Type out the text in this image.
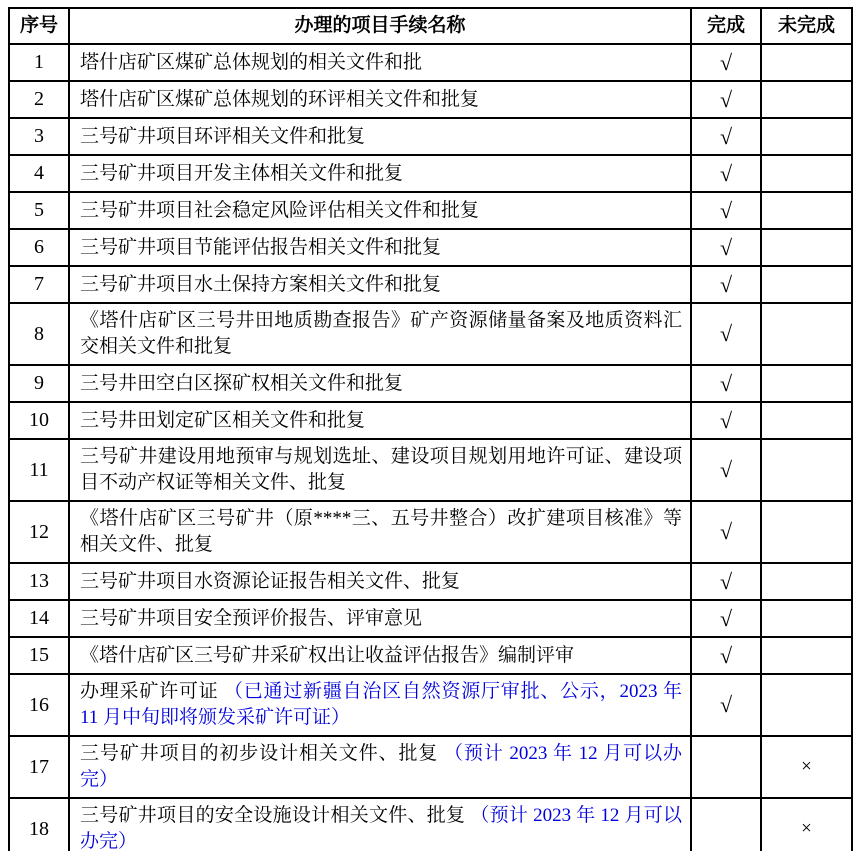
序号	办理的项目手续名称	完成	未完成
1	塔什店矿区煤矿总体规划的相关文件和批	√	
2	塔什店矿区煤矿总体规划的环评相关文件和批复	√	
3	三号矿井项目环评相关文件和批复	√	
4	三号矿井项目开发主体相关文件和批复	√	
5	三号矿井项目社会稳定风险评估相关文件和批复	√	
6	三号矿井项目节能评估报告相关文件和批复	√	
7	三号矿井项目水土保持方案相关文件和批复	√	
8	《塔什店矿区三号井田地质勘查报告》矿产资源储量备案及地质资料汇交相关文件和批复	√	
9	三号井田空白区探矿权相关文件和批复	√	
10	三号井田划定矿区相关文件和批复	√	
11	三号矿井建设用地预审与规划选址、建设项目规划用地许可证、建设项目不动产权证等相关文件、批复	√	
12	《塔什店矿区三号矿井（原****三、五号井整合）改扩建项目核准》等相关文件、批复	√	
13	三号矿井项目水资源论证报告相关文件、批复	√	
14	三号矿井项目安全预评价报告、评审意见	√	
15	《塔什店矿区三号矿井采矿权出让收益评估报告》编制评审	√	
16	办理采矿许可证 （已通过新疆自治区自然资源厅审批、公示，2023 年 11 月中旬即将颁发采矿许可证）	√	
17	三号矿井项目的初步设计相关文件、批复 （预计 2023 年 12 月可以办完）		×
18	三号矿井项目的安全设施设计相关文件、批复 （预计 2023 年 12 月可以办完）		×
